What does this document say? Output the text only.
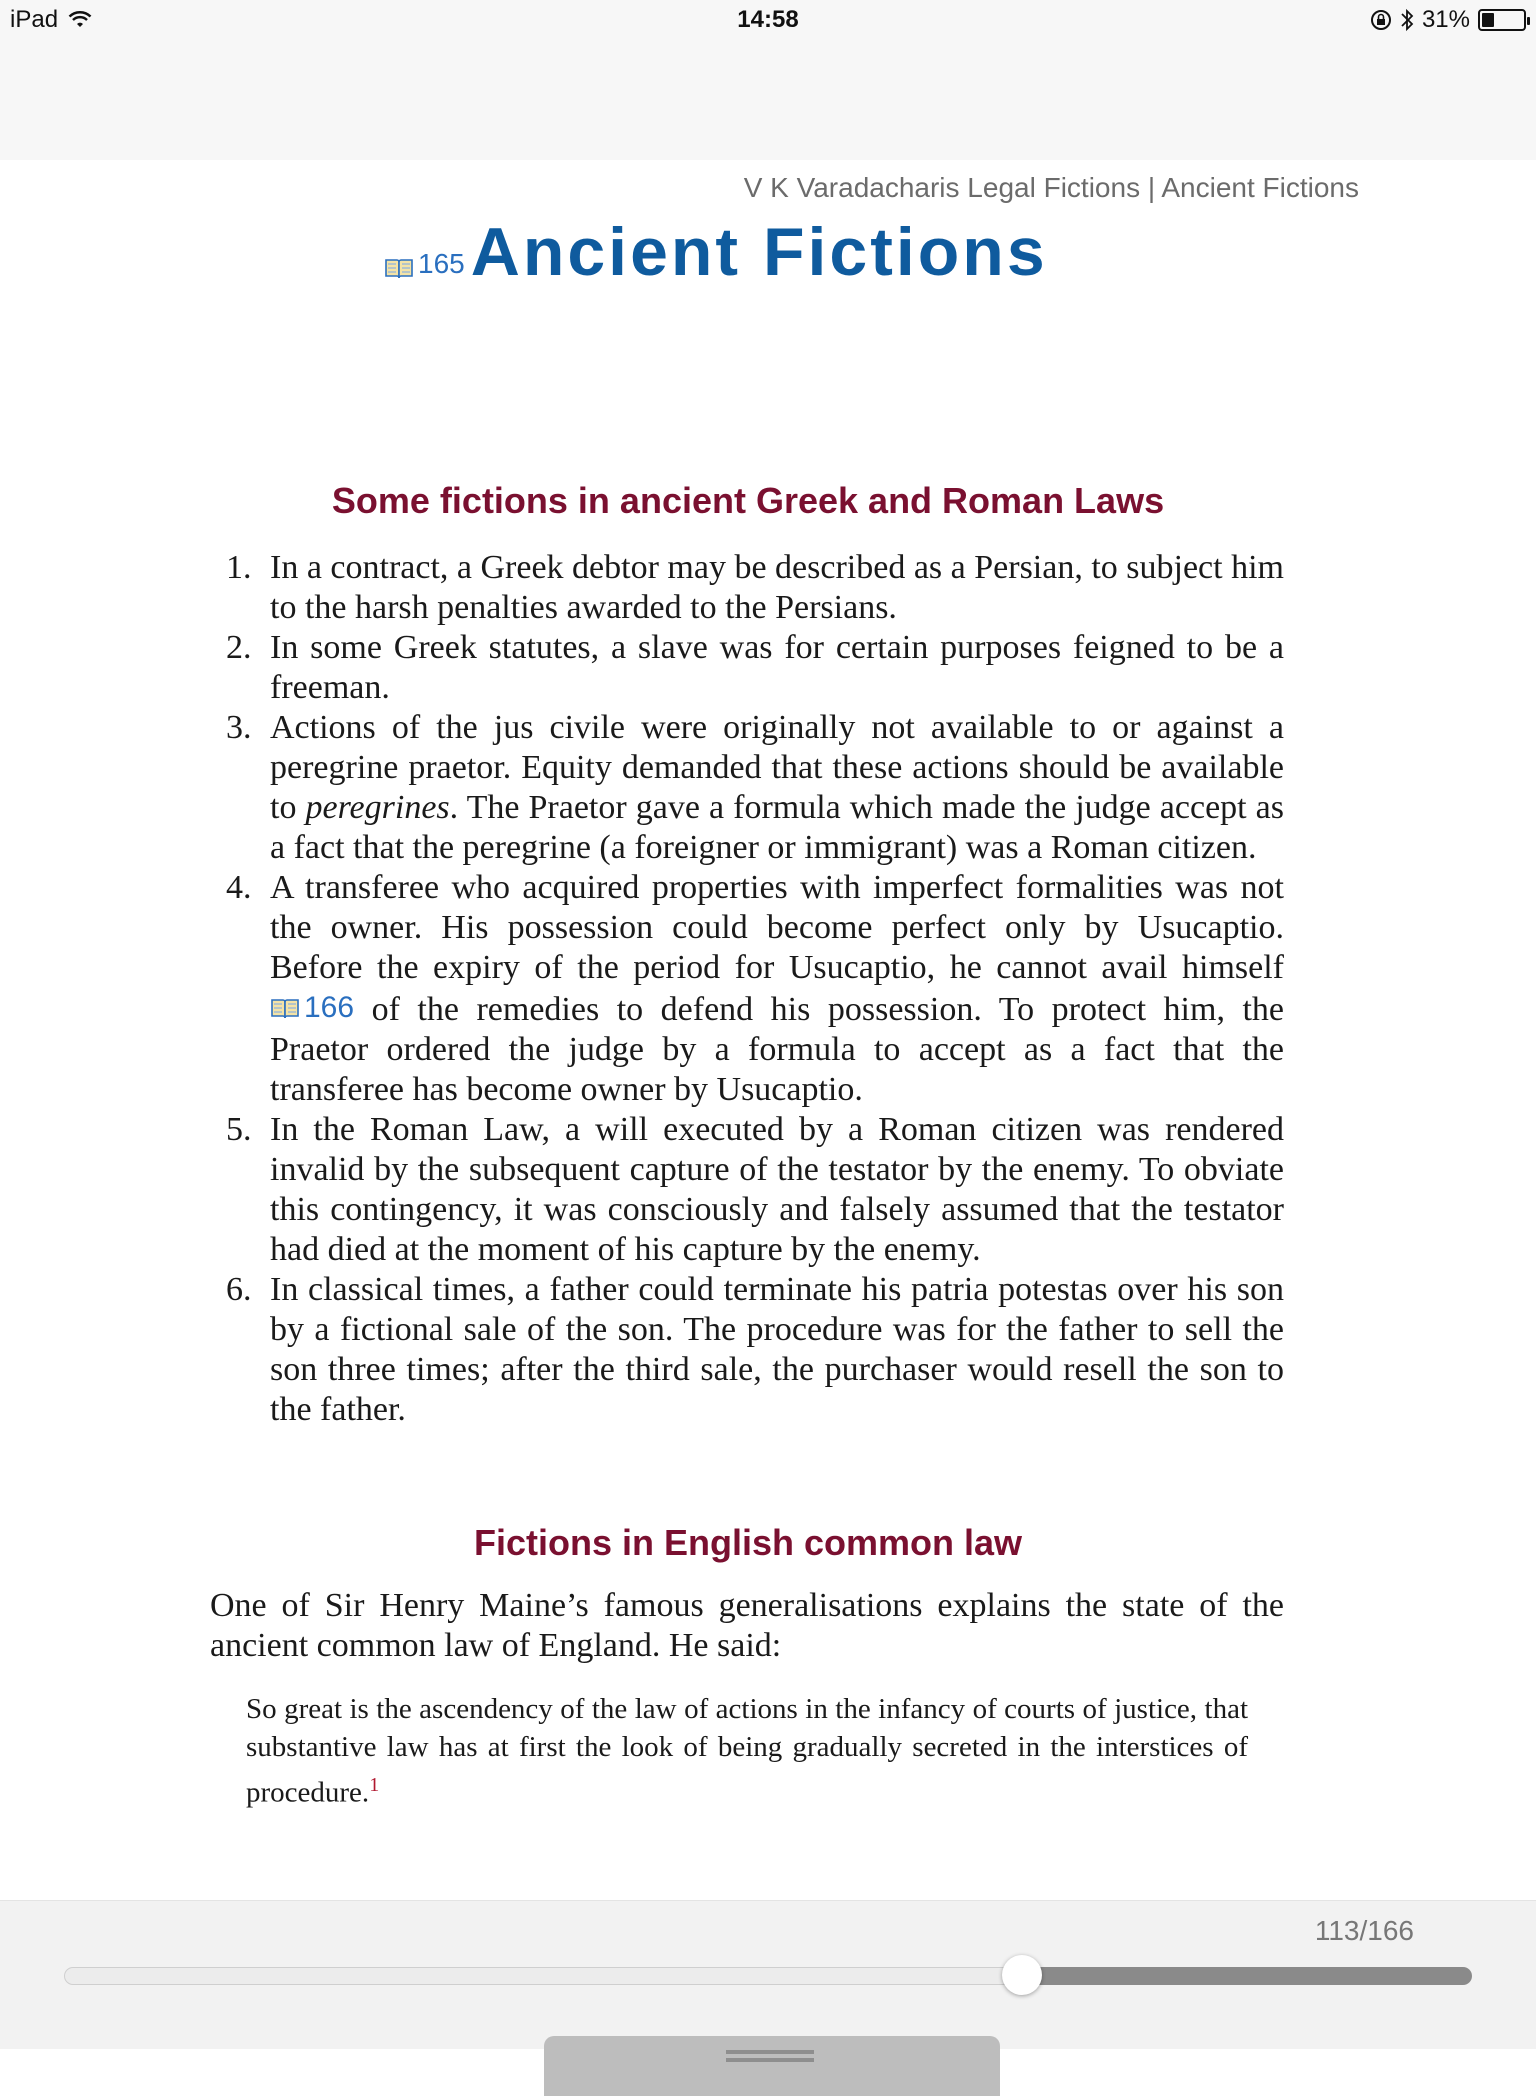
iPad	14:58	31%
V K Varadacharis Legal Fictions | Ancient Fictions
165 Ancient Fictions
Some fictions in ancient Greek and Roman Laws
1. In a contract, a Greek debtor may be described as a Persian, to subject him to the harsh penalties awarded to the Persians.
2. In some Greek statutes, a slave was for certain purposes feigned to be a freeman.
3. Actions of the jus civile were originally not available to or against a peregrine praetor. Equity demanded that these actions should be available to peregrines. The Praetor gave a formula which made the judge accept as a fact that the peregrine (a foreigner or immigrant) was a Roman citizen.
4. A transferee who acquired properties with imperfect formalities was not the owner. His possession could become perfect only by Usucaptio. Before the expiry of the period for Usucaptio, he cannot avail himself
166 of the remedies to defend his possession. To protect him, the Praetor ordered the judge by a formula to accept as a fact that the transferee has become owner by Usucaptio.
5. In the Roman Law, a will executed by a Roman citizen was rendered invalid by the subsequent capture of the testator by the enemy. To obviate this contingency, it was consciously and falsely assumed that the testator had died at the moment of his capture by the enemy.
6. In classical times, a father could terminate his patria potestas over his son by a fictional sale of the son. The procedure was for the father to sell the son three times; after the third sale, the purchaser would resell the son to the father.
Fictions in English common law

One of Sir Henry Maine’s famous generalisations explains the state of the ancient common law of England. He said:

So great is the ascendency of the law of actions in the infancy of courts of justice, that substantive law has at first the look of being gradually secreted in the interstices of procedure.$^1$

113/166
